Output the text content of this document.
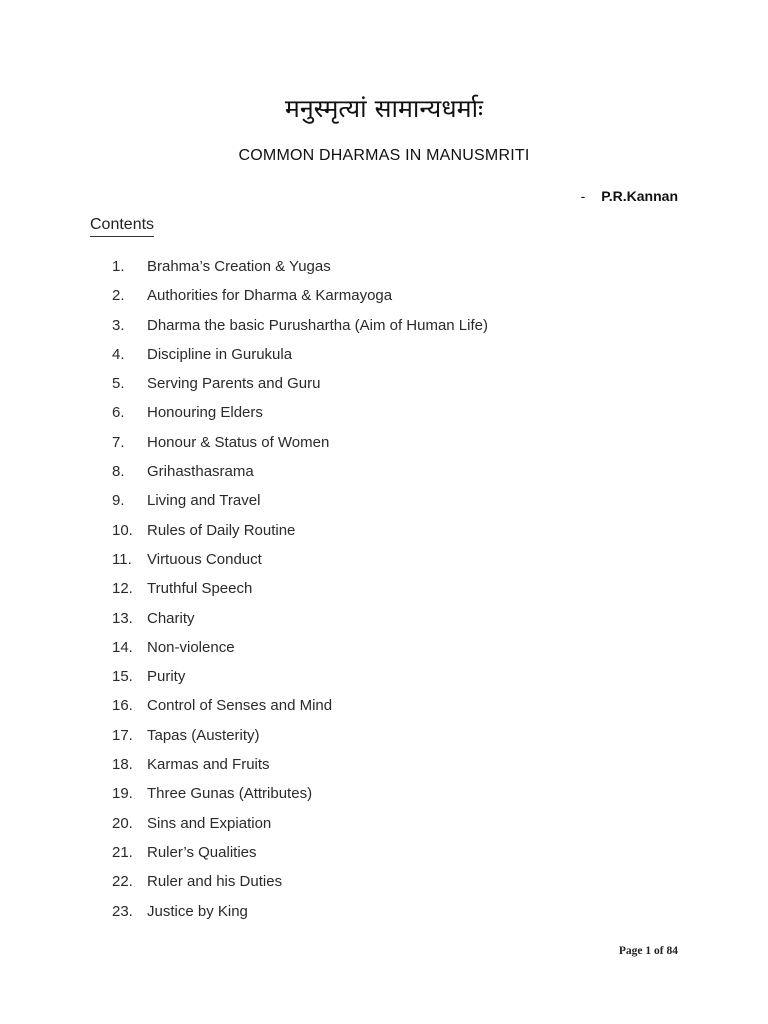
मनुस्मृत्यां सामान्यधर्माः
COMMON DHARMAS IN MANUSMRITI
- P.R.Kannan
Contents
1.	Brahma’s Creation & Yugas
2.	Authorities for Dharma & Karmayoga
3.	Dharma the basic Purushartha (Aim of Human Life)
4.	Discipline in Gurukula
5.	Serving Parents and Guru
6.	Honouring Elders
7.	Honour & Status of Women
8.	Grihasthasrama
9.	Living and Travel
10. Rules of Daily Routine
11.	Virtuous Conduct
12. Truthful Speech
13. Charity
14. Non-violence
15. Purity
16. Control of Senses and Mind
17. Tapas (Austerity)
18. Karmas and Fruits
19. Three Gunas (Attributes)
20. Sins and Expiation
21. Ruler’s Qualities
22. Ruler and his Duties
23. Justice by King
Page 1 of 84
